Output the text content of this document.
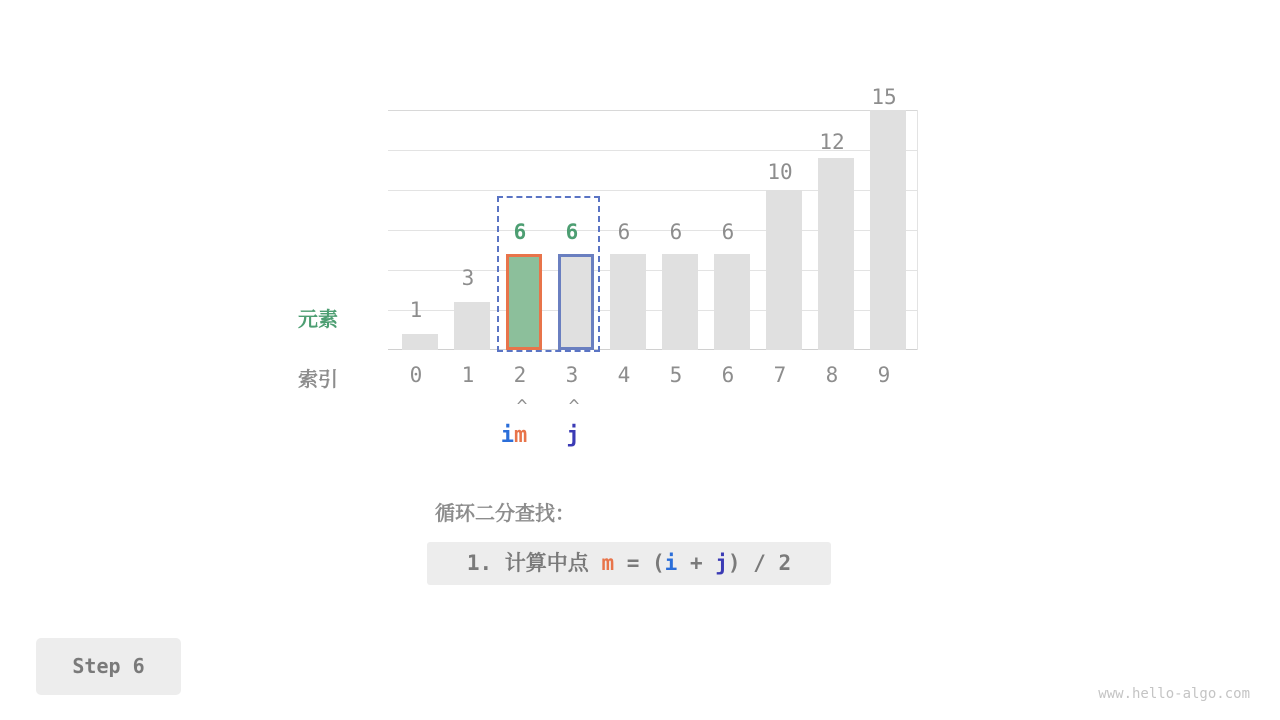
1
3
6	6	6	6	6
10
12
15
元素
索引	0	1	2	3	4	5	6	7	8	9
^	^
i m	j
循环二分查找：
1. 计算中点 m = (i + j) / 2
Step 6
www.hello-algo.com
